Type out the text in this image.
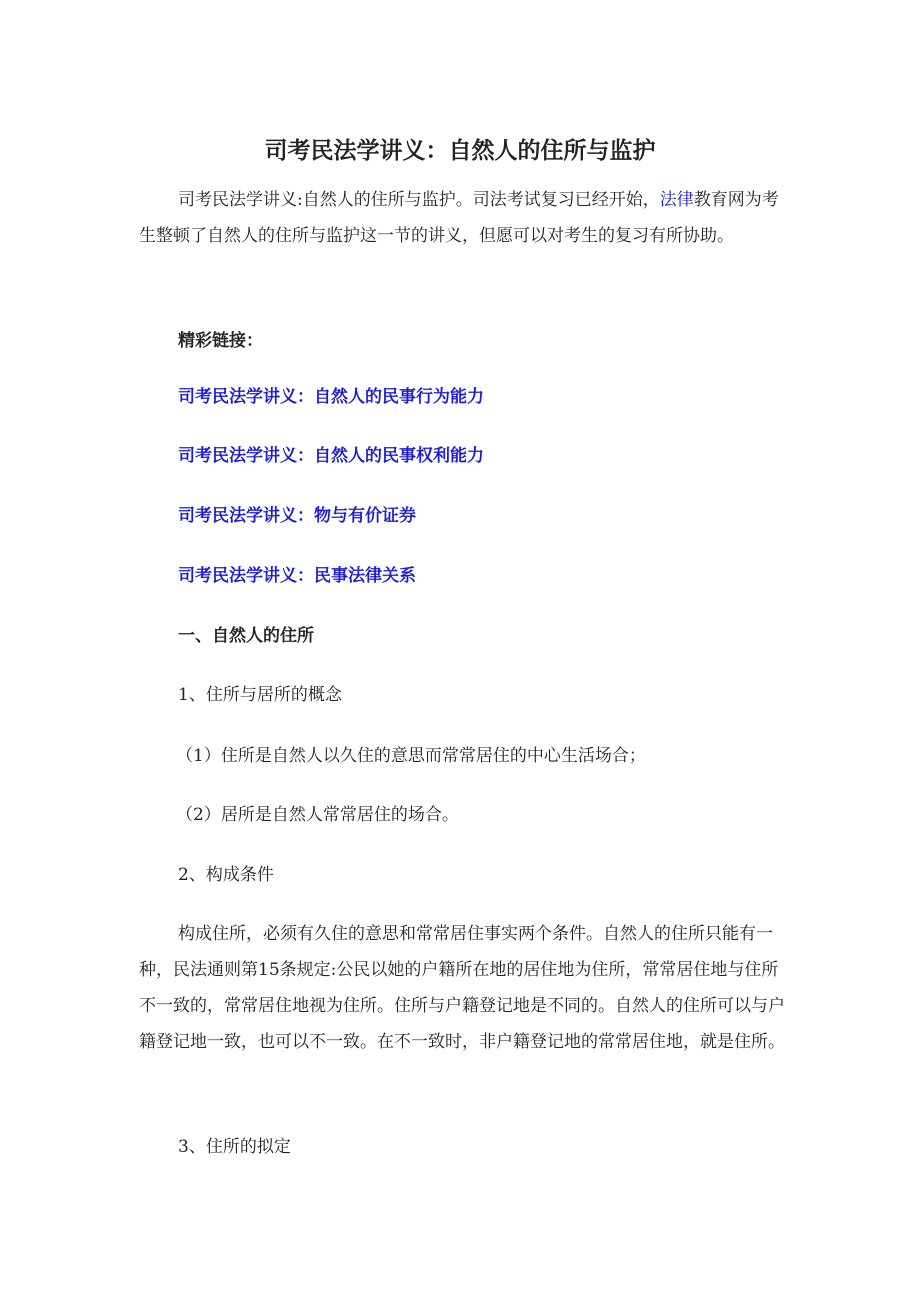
司考民法学讲义：自然人的住所与监护

司考民法学讲义:自然人的住所与监护。司法考试复习已经开始，法律教育网为考生整顿了自然人的住所与监护这一节的讲义，但愿可以对考生的复习有所协助。

精彩链接：
司考民法学讲义：自然人的民事行为能力
司考民法学讲义：自然人的民事权利能力
司考民法学讲义：物与有价证券
司考民法学讲义：民事法律关系
一、自然人的住所
1、住所与居所的概念
（1）住所是自然人以久住的意思而常常居住的中心生活场合；
（2）居所是自然人常常居住的场合。
2、构成条件

构成住所，必须有久住的意思和常常居住事实两个条件。自然人的住所只能有一种，民法通则第15条规定:公民以她的户籍所在地的居住地为住所，常常居住地与住所不一致的，常常居住地视为住所。住所与户籍登记地是不同的。自然人的住所可以与户籍登记地一致，也可以不一致。在不一致时，非户籍登记地的常常居住地，就是住所。

3、住所的拟定
